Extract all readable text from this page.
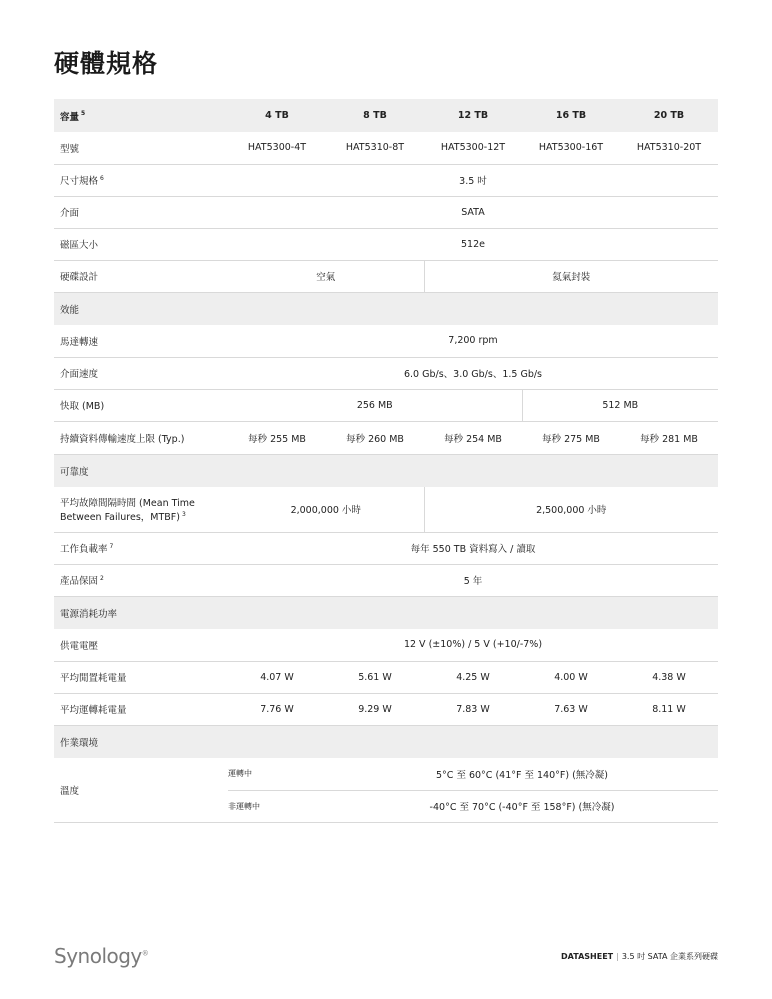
硬體規格
容量 $^5$	4 TB	8 TB	12 TB	16 TB	20 TB
型號	HAT5300-4T	HAT5310-8T	HAT5300-12T	HAT5300-16T	HAT5310-20T
尺寸規格 $^6$	3.5 吋				
介面	SATA				
磁區大小	512e				
硬碟設計	空氣		氦氣封裝		
效能					
馬達轉速	7,200 rpm				
介面速度	6.0 Gb/s、3.0 Gb/s、1.5 Gb/s				
快取 (MB)	256 MB			512 MB	
持續資料傳輸速度上限 (Typ.)	每秒 255 MB	每秒 260 MB	每秒 254 MB	每秒 275 MB	每秒 281 MB
可靠度					
平均故障間隔時間 (Mean Time
Between Failures，MTBF) $^3$	2,000,000 小時		2,500,000 小時		
工作負載率 $^7$	每年 550 TB 資料寫入 / 讀取				
產品保固 $^2$	5 年				
電源消耗功率					
供電電壓	12 V (±10%) / 5 V (+10/-7%)				
平均閒置耗電量	4.07 W	5.61 W	4.25 W	4.00 W	4.38 W
平均運轉耗電量	7.76 W	9.29 W	7.83 W	7.63 W	8.11 W
作業環境					

溫度	運轉中	5°C 至 60°C (41°F 至 140°F) (無冷凝)			
	非運轉中	-40°C 至 70°C (-40°F 至 158°F) (無冷凝)			
Synology®	DATASHEET | 3.5 吋 SATA 企業系列硬碟
